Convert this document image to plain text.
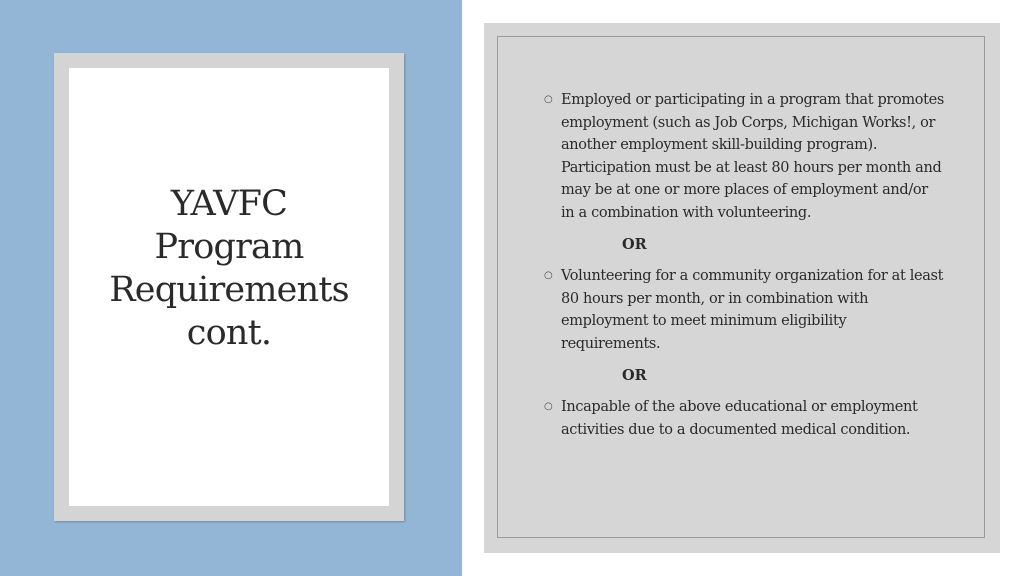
YAVFC
Program
Requirements
cont.
○ Employed or participating in a program that promotes employment (such as Job Corps, Michigan Works!, or another employment skill-building program). Participation must be at least 80 hours per month and may be at one or more places of employment and/or in a combination with volunteering.
OR
○ Volunteering for a community organization for at least 80 hours per month, or in combination with employment to meet minimum eligibility requirements.
OR
○ Incapable of the above educational or employment activities due to a documented medical condition.
